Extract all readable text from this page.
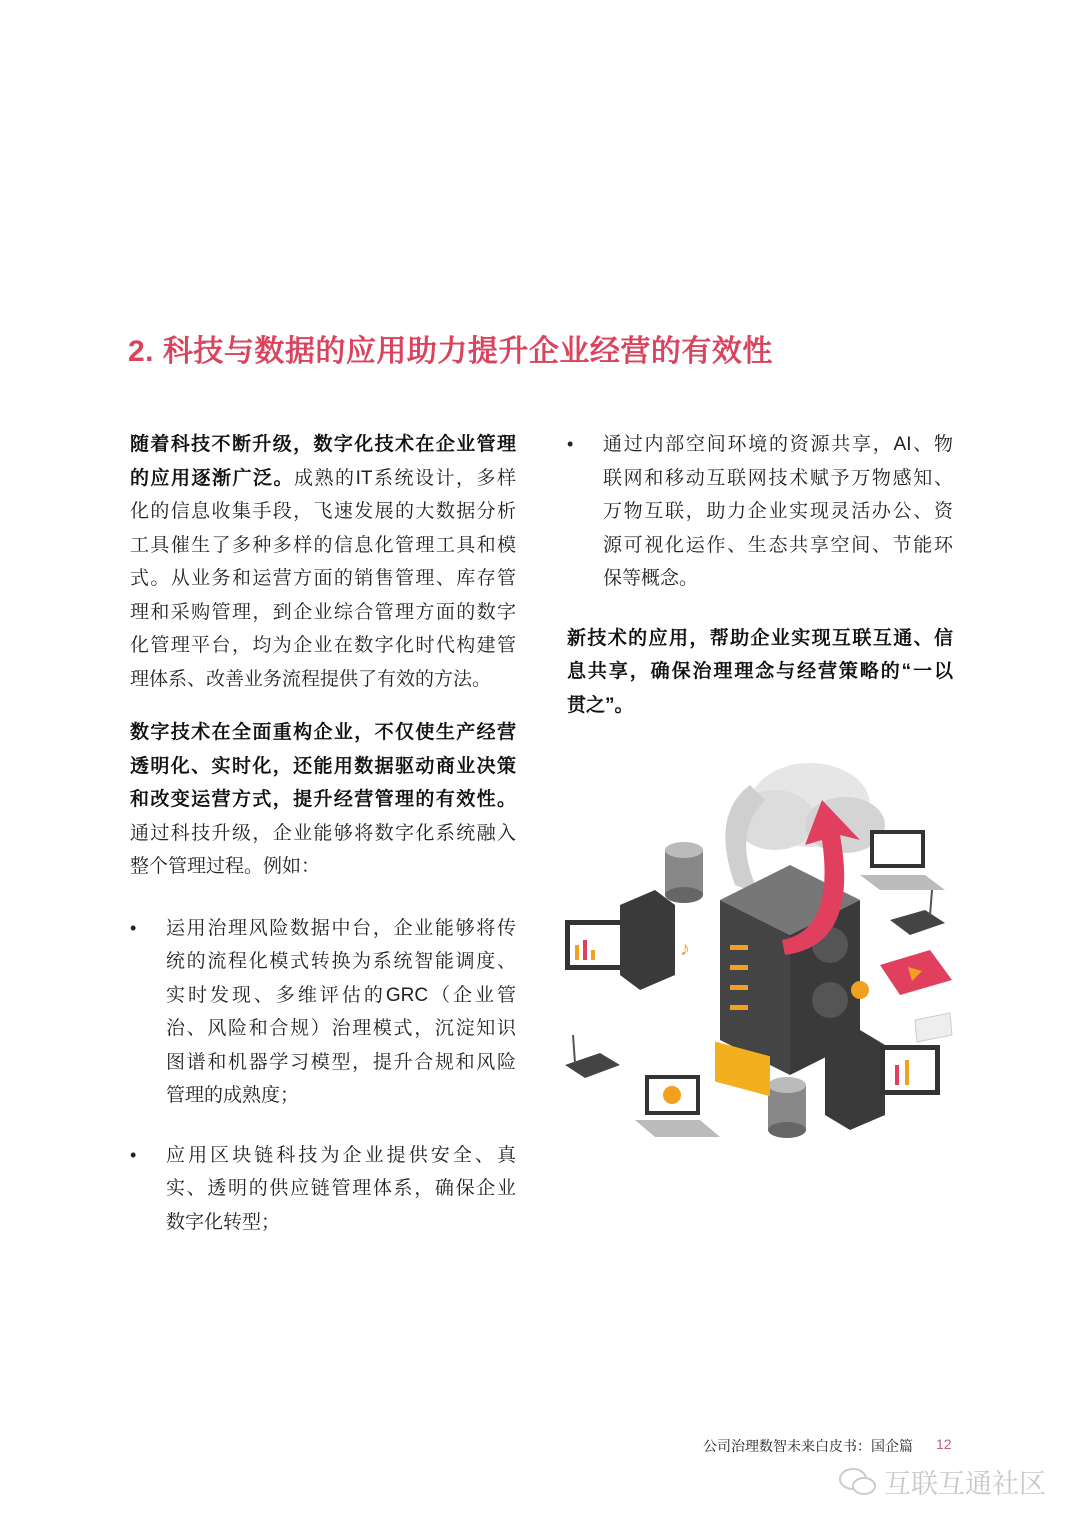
2. 科技与数据的应用助力提升企业经营的有效性
随着科技不断升级，数字化技术在企业管理
的应用逐渐广泛。成熟的IT系统设计，多样
化的信息收集手段，飞速发展的大数据分析
工具催生了多种多样的信息化管理工具和模
式。从业务和运营方面的销售管理、库存管
理和采购管理，到企业综合管理方面的数字
化管理平台，均为企业在数字化时代构建管
理体系、改善业务流程提供了有效的方法。
数字技术在全面重构企业，不仅使生产经营
透明化、实时化，还能用数据驱动商业决策
和改变运营方式，提升经营管理的有效性。
通过科技升级，企业能够将数字化系统融入
整个管理过程。例如：
• 运用治理风险数据中台，企业能够将传
统的流程化模式转换为系统智能调度、
实时发现、多维评估的GRC（企业管
治、风险和合规）治理模式，沉淀知识
图谱和机器学习模型，提升合规和风险
管理的成熟度；
• 应用区块链科技为企业提供安全、真
实、透明的供应链管理体系，确保企业
数字化转型；
• 通过内部空间环境的资源共享，AI、物
联网和移动互联网技术赋予万物感知、
万物互联，助力企业实现灵活办公、资
源可视化运作、生态共享空间、节能环
保等概念。
新技术的应用，帮助企业实现互联互通、信
息共享，确保治理理念与经营策略的“一以
贯之”。
♪
公司治理数智未来白皮书：国企篇 12
互联互通社区
